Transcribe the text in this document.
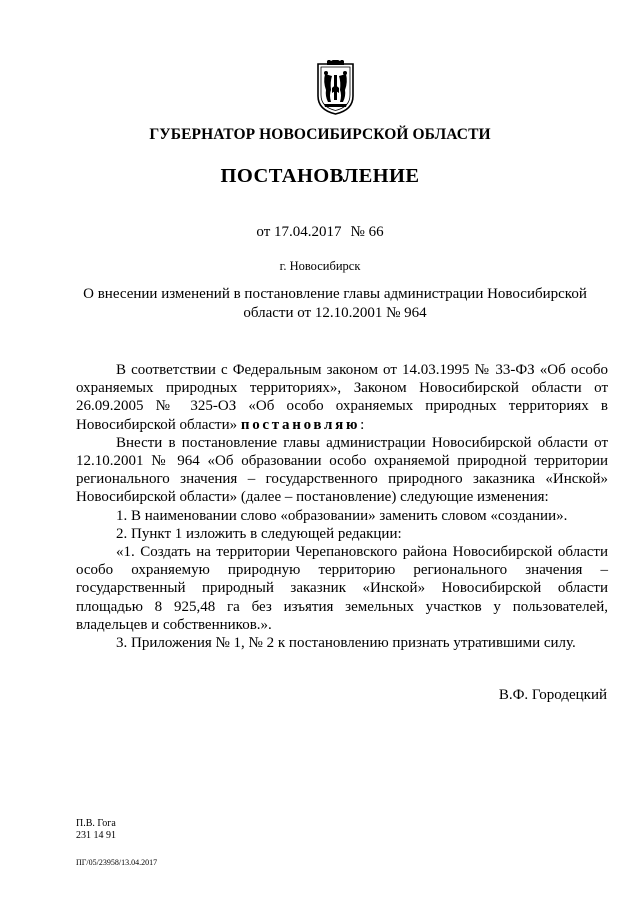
ГУБЕРНАТОР НОВОСИБИРСКОЙ ОБЛАСТИ
ПОСТАНОВЛЕНИЕ
от 17.04.2017 № 66
г. Новосибирск
О внесении изменений в постановление главы администрации Новосибирской области от 12.10.2001 № 964

В соответствии с Федеральным законом от 14.03.1995 № 33-ФЗ «Об особо охраняемых природных территориях», Законом Новосибирской области от 26.09.2005 № 325-ОЗ «Об особо охраняемых природных территориях в Новосибирской области» постановляю:

Внести в постановление главы администрации Новосибирской области от 12.10.2001 № 964 «Об образовании особо охраняемой природной территории регионального значения – государственного природного заказника «Инской» Новосибирской области» (далее – постановление) следующие изменения:

1. В наименовании слово «образовании» заменить словом «создании».

2. Пункт 1 изложить в следующей редакции:

«1. Создать на территории Черепановского района Новосибирской области особо охраняемую природную территорию регионального значения – государственный природный заказник «Инской» Новосибирской области площадью 8 925,48 га без изъятия земельных участков у пользователей, владельцев и собственников.».

3. Приложения № 1, № 2 к постановлению признать утратившими силу.

В.Ф. Городецкий
П.В. Гога
231 14 91
ПГ/05/23958/13.04.2017
